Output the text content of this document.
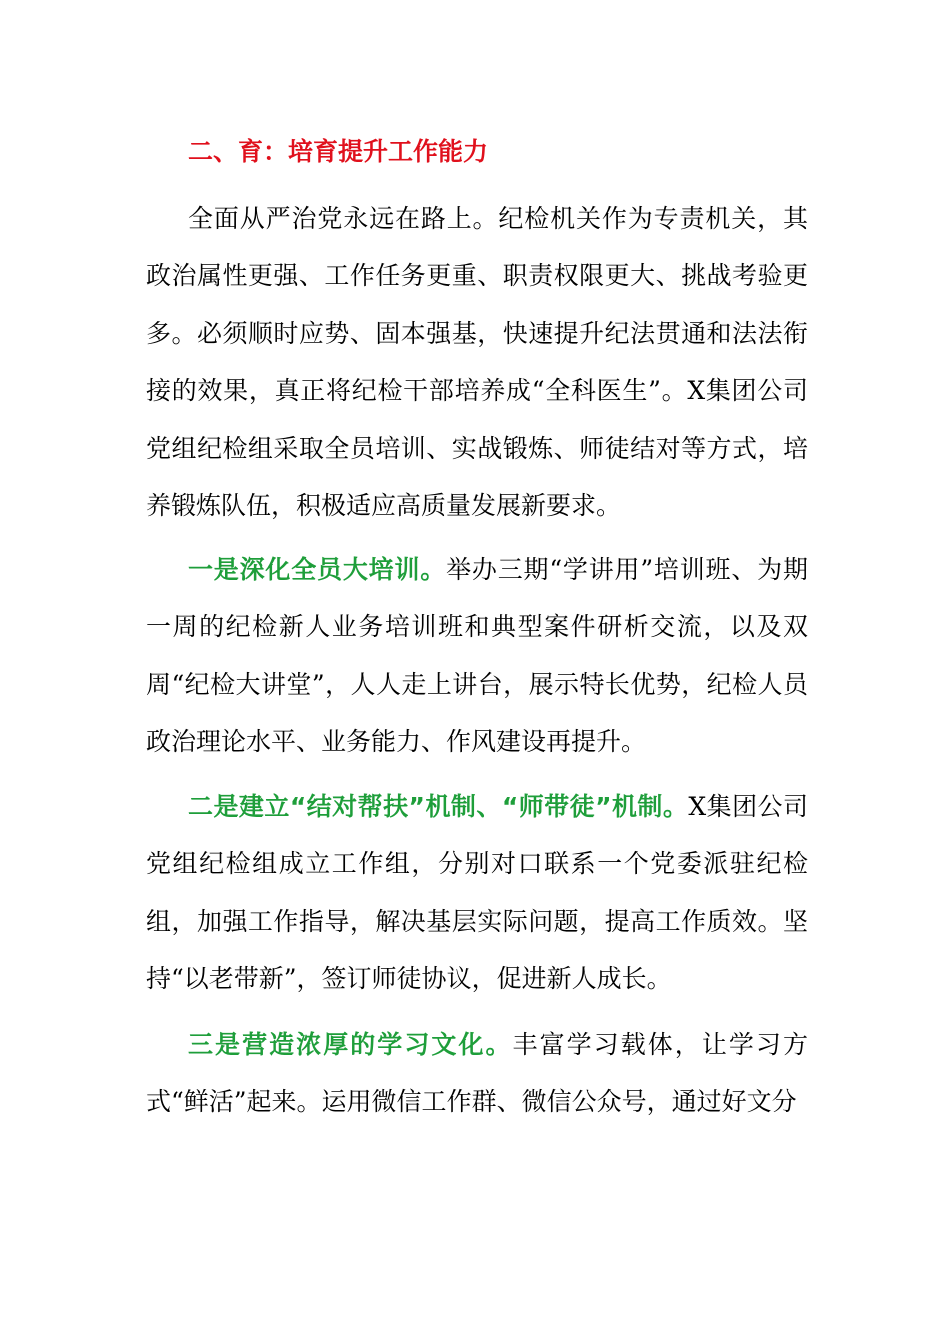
二、育：培育提升工作能力

全面从严治党永远在路上。纪检机关作为专责机关，其政治属性更强、工作任务更重、职责权限更大、挑战考验更多。必须顺时应势、固本强基，快速提升纪法贯通和法法衔接的效果，真正将纪检干部培养成“全科医生”。X集团公司党组纪检组采取全员培训、实战锻炼、师徒结对等方式，培养锻炼队伍，积极适应高质量发展新要求。

一是深化全员大培训。举办三期“学讲用”培训班、为期一周的纪检新人业务培训班和典型案件研析交流，以及双周“纪检大讲堂”，人人走上讲台，展示特长优势，纪检人员政治理论水平、业务能力、作风建设再提升。

二是建立“结对帮扶”机制、“师带徒”机制。X集团公司党组纪检组成立工作组，分别对口联系一个党委派驻纪检组，加强工作指导，解决基层实际问题，提高工作质效。坚持“以老带新”，签订师徒协议，促进新人成长。

三是营造浓厚的学习文化。丰富学习载体，让学习方式“鲜活”起来。运用微信工作群、微信公众号，通过好文分
